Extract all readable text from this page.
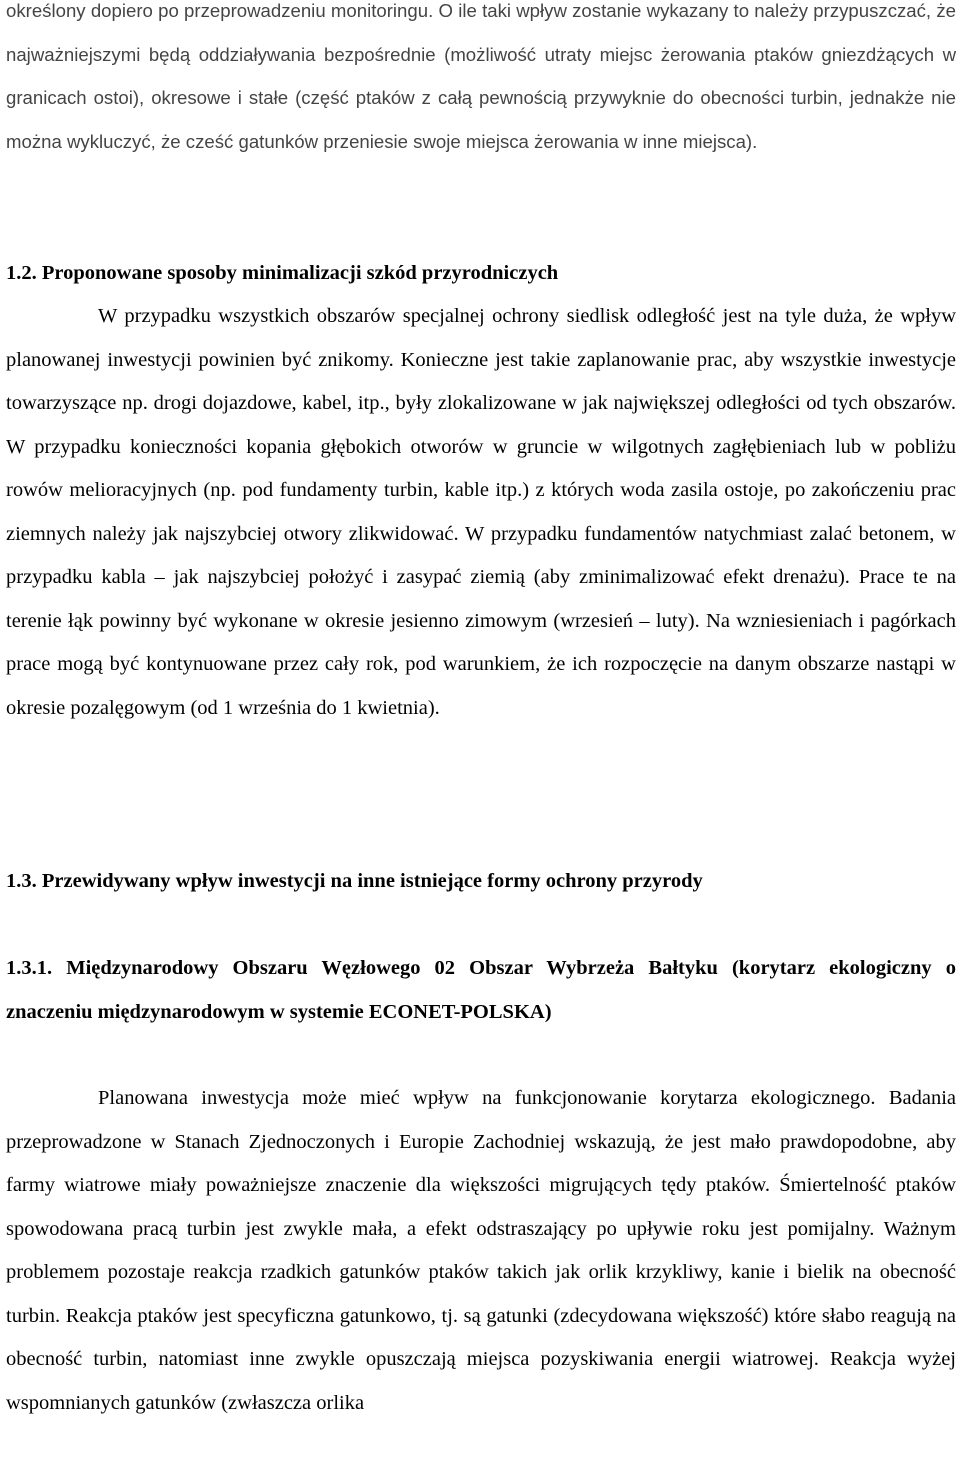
określony dopiero po przeprowadzeniu monitoringu. O ile taki wpływ zostanie wykazany to należy przypuszczać, że najważniejszymi będą oddziaływania bezpośrednie (możliwość utraty miejsc żerowania ptaków gniezdżących w granicach ostoi), okresowe i stałe (część ptaków z całą pewnością przywyknie do obecności turbin, jednakże nie można wykluczyć, że cześć gatunków przeniesie swoje miejsca żerowania w inne miejsca).

1.2. Proponowane sposoby minimalizacji szkód przyrodniczych

W przypadku wszystkich obszarów specjalnej ochrony siedlisk odległość jest na tyle duża, że wpływ planowanej inwestycji powinien być znikomy. Konieczne jest takie zaplanowanie prac, aby wszystkie inwestycje towarzyszące np. drogi dojazdowe, kabel, itp., były zlokalizowane w jak największej odległości od tych obszarów. W przypadku konieczności kopania głębokich otworów w gruncie w wilgotnych zagłębieniach lub w pobliżu rowów melioracyjnych (np. pod fundamenty turbin, kable itp.) z których woda zasila ostoje, po zakończeniu prac ziemnych należy jak najszybciej otwory zlikwidować. W przypadku fundamentów natychmiast zalać betonem, w przypadku kabla – jak najszybciej położyć i zasypać ziemią (aby zminimalizować efekt drenażu). Prace te na terenie łąk powinny być wykonane w okresie jesienno zimowym (wrzesień – luty). Na wzniesieniach i pagórkach prace mogą być kontynuowane przez cały rok, pod warunkiem, że ich rozpoczęcie na danym obszarze nastąpi w okresie pozalęgowym (od 1 września do 1 kwietnia).

1.3. Przewidywany wpływ inwestycji na inne istniejące formy ochrony przyrody
1.3.1. Międzynarodowy Obszaru Węzłowego 02 Obszar Wybrzeża Bałtyku (korytarz ekologiczny o znaczeniu międzynarodowym w systemie ECONET-POLSKA)

Planowana inwestycja może mieć wpływ na funkcjonowanie korytarza ekologicznego. Badania przeprowadzone w Stanach Zjednoczonych i Europie Zachodniej wskazują, że jest mało prawdopodobne, aby farmy wiatrowe miały poważniejsze znaczenie dla większości migrujących tędy ptaków. Śmiertelność ptaków spowodowana pracą turbin jest zwykle mała, a efekt odstraszający po upływie roku jest pomijalny. Ważnym problemem pozostaje reakcja rzadkich gatunków ptaków takich jak orlik krzykliwy, kanie i bielik na obecność turbin. Reakcja ptaków jest specyficzna gatunkowo, tj. są gatunki (zdecydowana większość) które słabo reagują na obecność turbin, natomiast inne zwykle opuszczają miejsca pozyskiwania energii wiatrowej. Reakcja wyżej wspomnianych gatunków (zwłaszcza orlika
